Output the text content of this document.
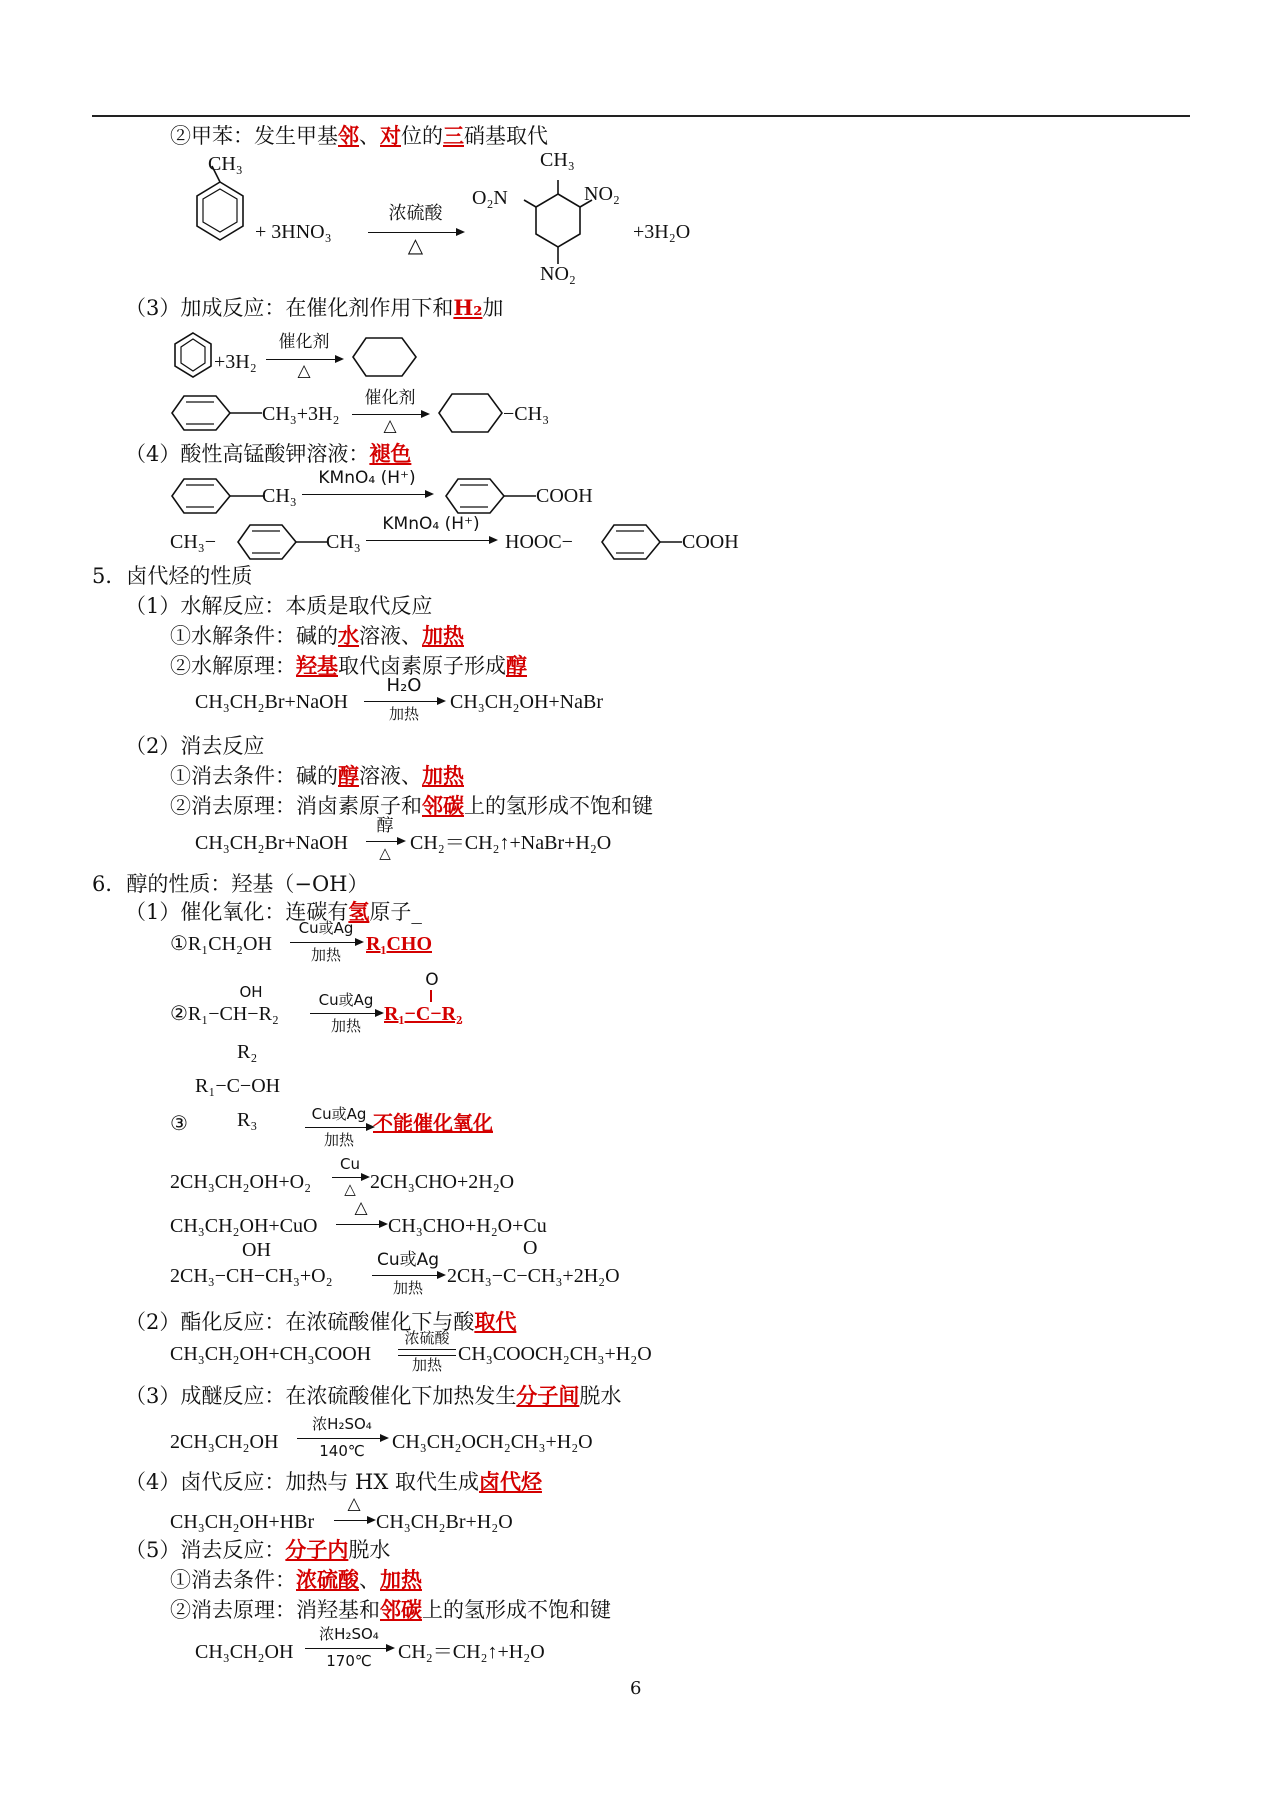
②甲苯：发生甲基邻、对位的三硝基取代
CH₃
+ 3HNO₃
浓硫酸
△
CH₃
O₂N	NO₂
NO₂
+3H₂O
（3）加成反应：在催化剂作用下和H₂加
+3H₂
催化剂
△
CH₃+3H₂
催化剂
△
−CH₃
（4）酸性高锰酸钾溶液：褪色
CH₃
KMnO₄ (H⁺)
COOH
CH₃−	CH₃
KMnO₄ (H⁺)
HOOC−	COOH
5．卤代烃的性质
（1）水解反应：本质是取代反应
①水解条件：碱的水溶液、加热
②水解原理：羟基取代卤素原子形成醇
CH₃CH₂Br+NaOH
H₂O
加热
CH₃CH₂OH+NaBr
（2）消去反应
①消去条件：碱的醇溶液、加热
②消去原理：消卤素原子和邻碳上的氢形成不饱和键
CH₃CH₂Br+NaOH
醇
△ CH₂＝CH₂↑+NaBr+H₂O
6．醇的性质：羟基（−OH）
（1）催化氧化：连碳有氢原子_
①R₁CH₂OH
Cu或Ag
加热	R₁CHO
OH
②R₁−CH−R₂
Cu或Ag
加热
O
R₁−C−R₂
R₂
R₁−C−OH
R₃
③	Cu或Ag
加热
不能催化氧化
2CH₃CH₂OH+O₂
Cu
△ 2CH₃CHO+2H₂O
CH₃CH₂OH+CuO
△
CH₃CHO+H₂O+Cu
OH
2CH₃−CH−CH₃+O₂
Cu或Ag
加热
O
2CH₃−C−CH₃+2H₂O
（2）酯化反应：在浓硫酸催化下与酸取代
CH₃CH₂OH+CH₃COOH
浓硫酸
加热 CH₃COOCH₂CH₃+H₂O
（3）成醚反应：在浓硫酸催化下加热发生分子间脱水
2CH₃CH₂OH
浓H₂SO₄
140℃	CH₃CH₂OCH₂CH₃+H₂O
（4）卤代反应：加热与 HX 取代生成卤代烃
CH₃CH₂OH+HBr
△
CH₃CH₂Br+H₂O
（5）消去反应：分子内脱水
①消去条件：浓硫酸、加热
②消去原理：消羟基和邻碳上的氢形成不饱和键
CH₃CH₂OH
浓H₂SO₄
170℃	CH₂＝CH₂↑+H₂O
6
